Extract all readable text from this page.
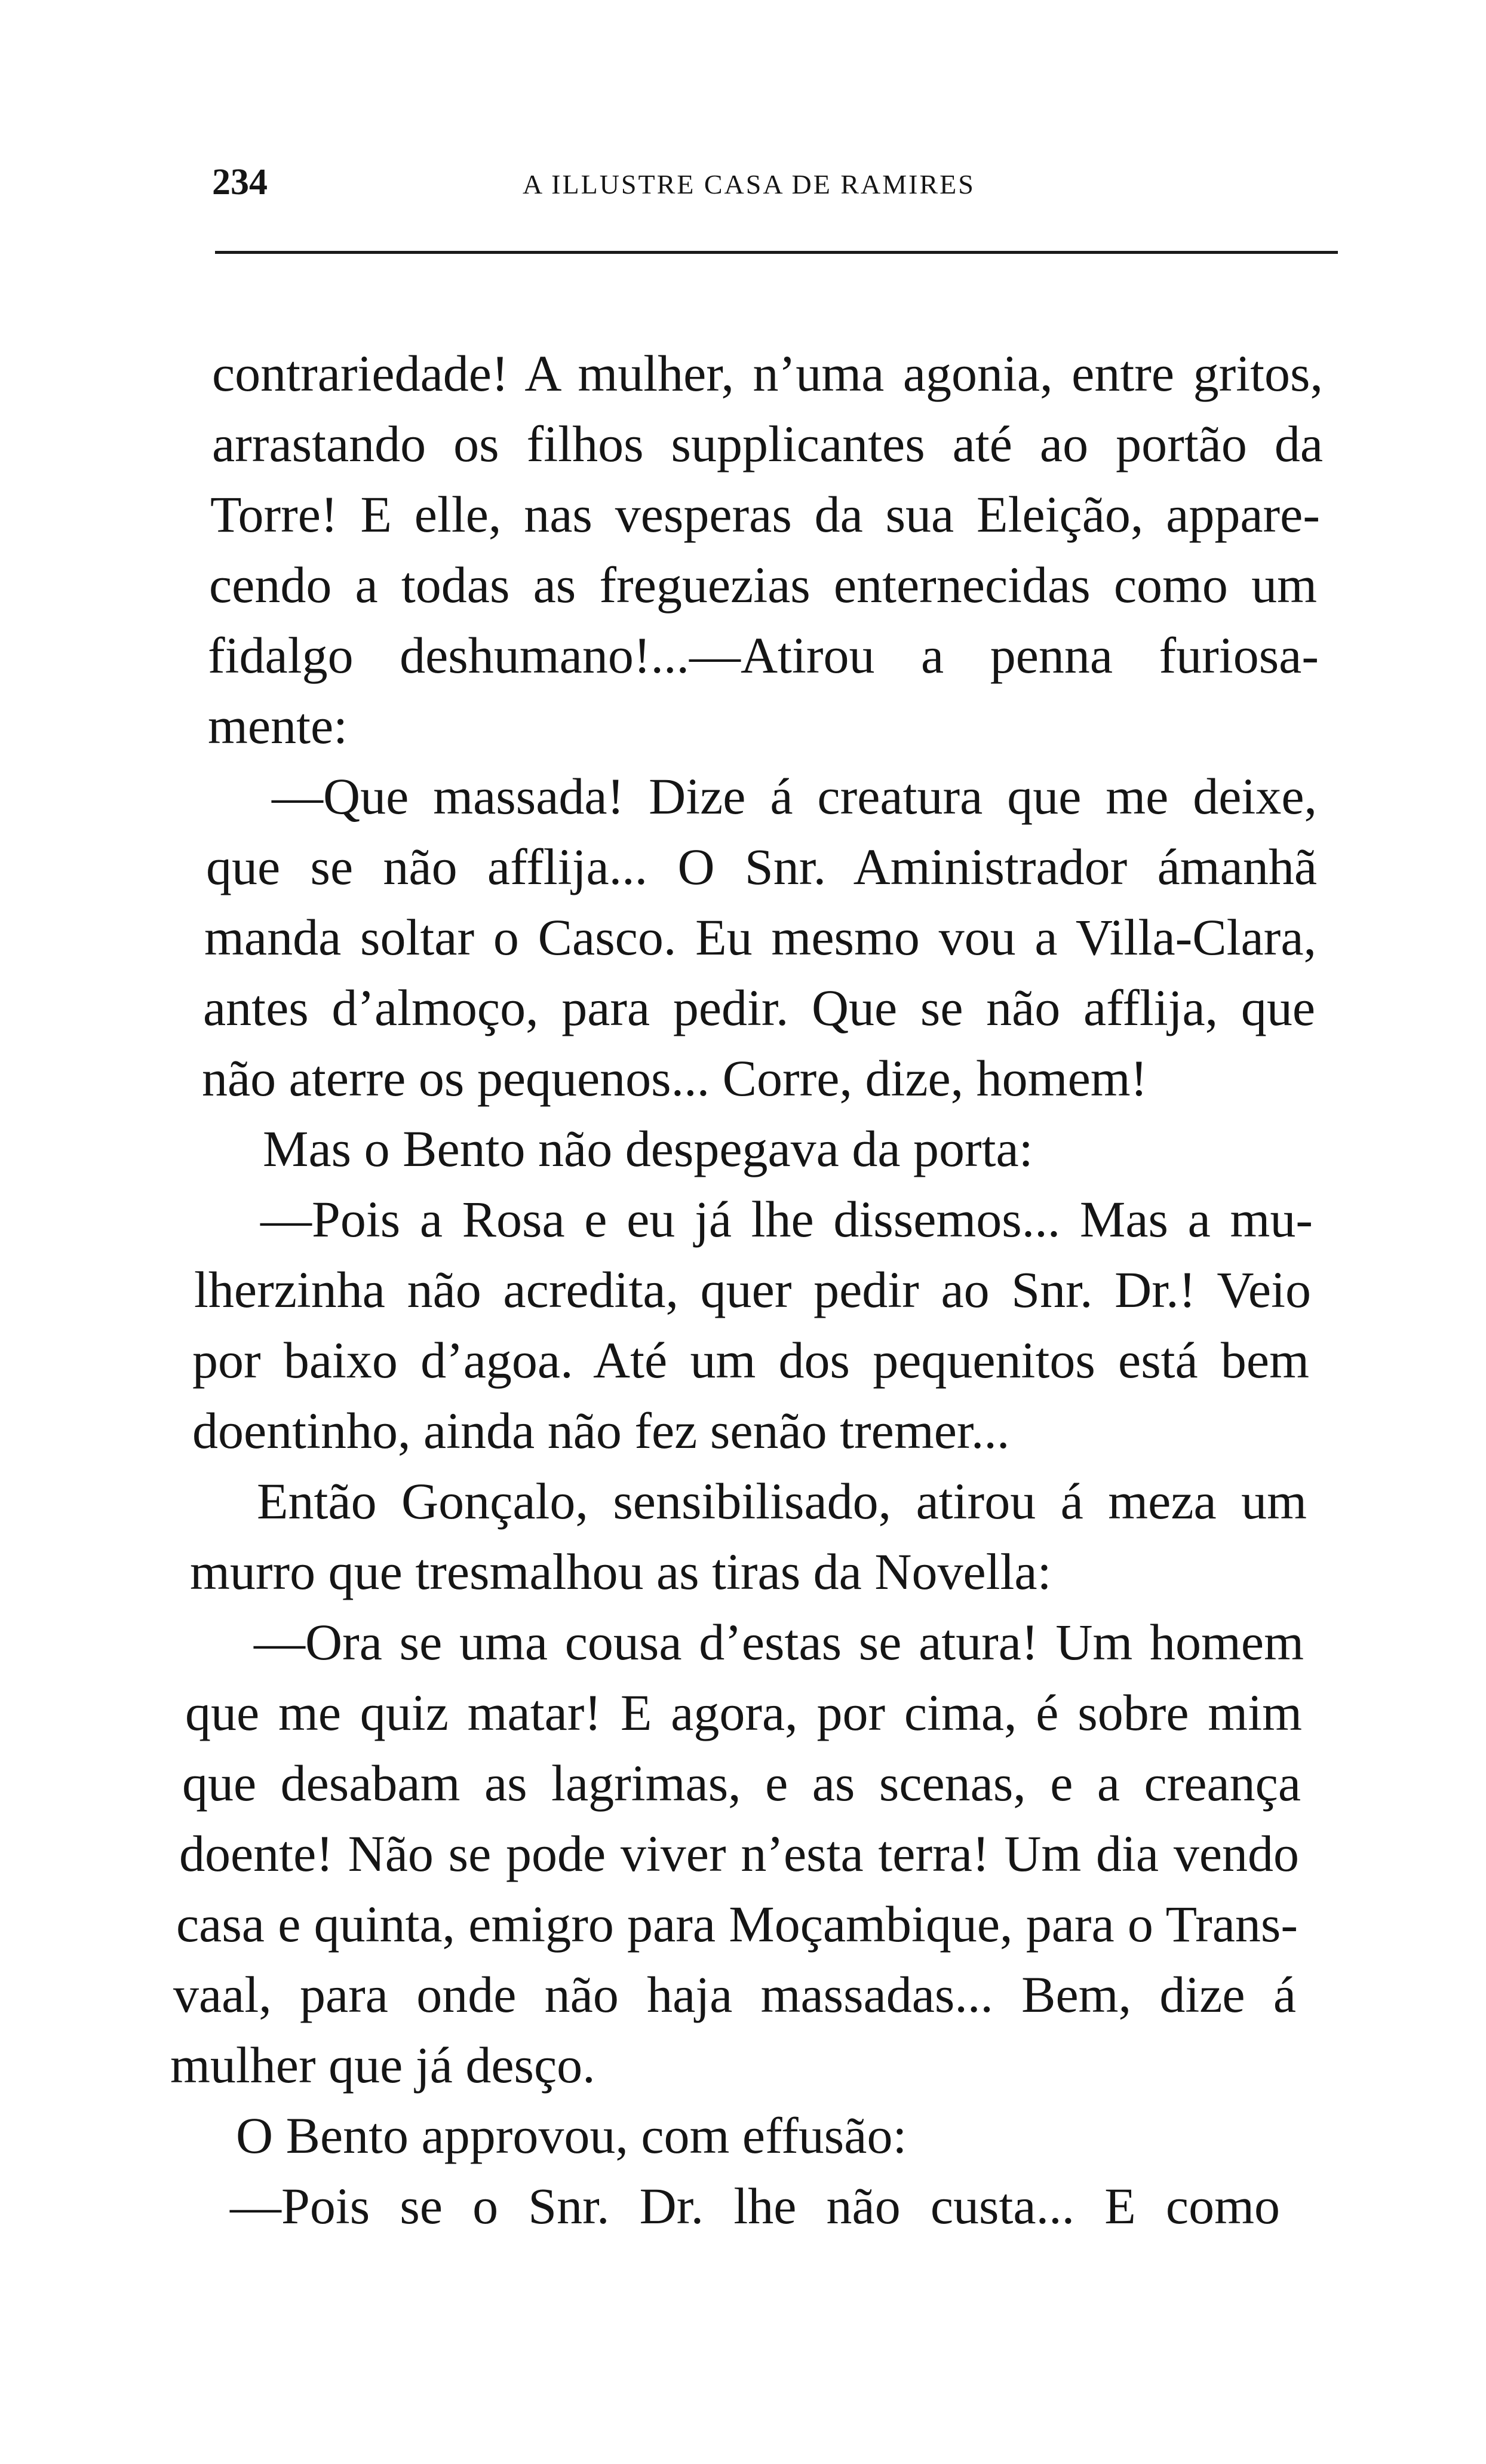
234	A ILLUSTRE CASA DE RAMIRES
contrariedade! A mulher, n’uma agonia, entre gritos,
arrastando os filhos supplicantes até ao portão da
Torre! E elle, nas vesperas da sua Eleição, appare-
cendo a todas as freguezias enternecidas como um
fidalgo deshumano!...—Atirou a penna furiosa-
mente:
—Que massada! Dize á creatura que me deixe,
que se não afflija... O Snr. Aministrador ámanhã
manda soltar o Casco. Eu mesmo vou a Villa-Clara,
antes d’almoço, para pedir. Que se não afflija, que
não aterre os pequenos... Corre, dize, homem!
Mas o Bento não despegava da porta:
—Pois a Rosa e eu já lhe dissemos... Mas a mu-
lherzinha não acredita, quer pedir ao Snr. Dr.! Veio
por baixo d’agoa. Até um dos pequenitos está bem
doentinho, ainda não fez senão tremer...
Então Gonçalo, sensibilisado, atirou á meza um
murro que tresmalhou as tiras da Novella:
—Ora se uma cousa d’estas se atura! Um homem
que me quiz matar! E agora, por cima, é sobre mim
que desabam as lagrimas, e as scenas, e a creança
doente! Não se pode viver n’esta terra! Um dia vendo
casa e quinta, emigro para Moçambique, para o Trans-
vaal, para onde não haja massadas... Bem, dize á
mulher que já desço.
O Bento approvou, com effusão:
—Pois se o Snr. Dr. lhe não custa... E como
